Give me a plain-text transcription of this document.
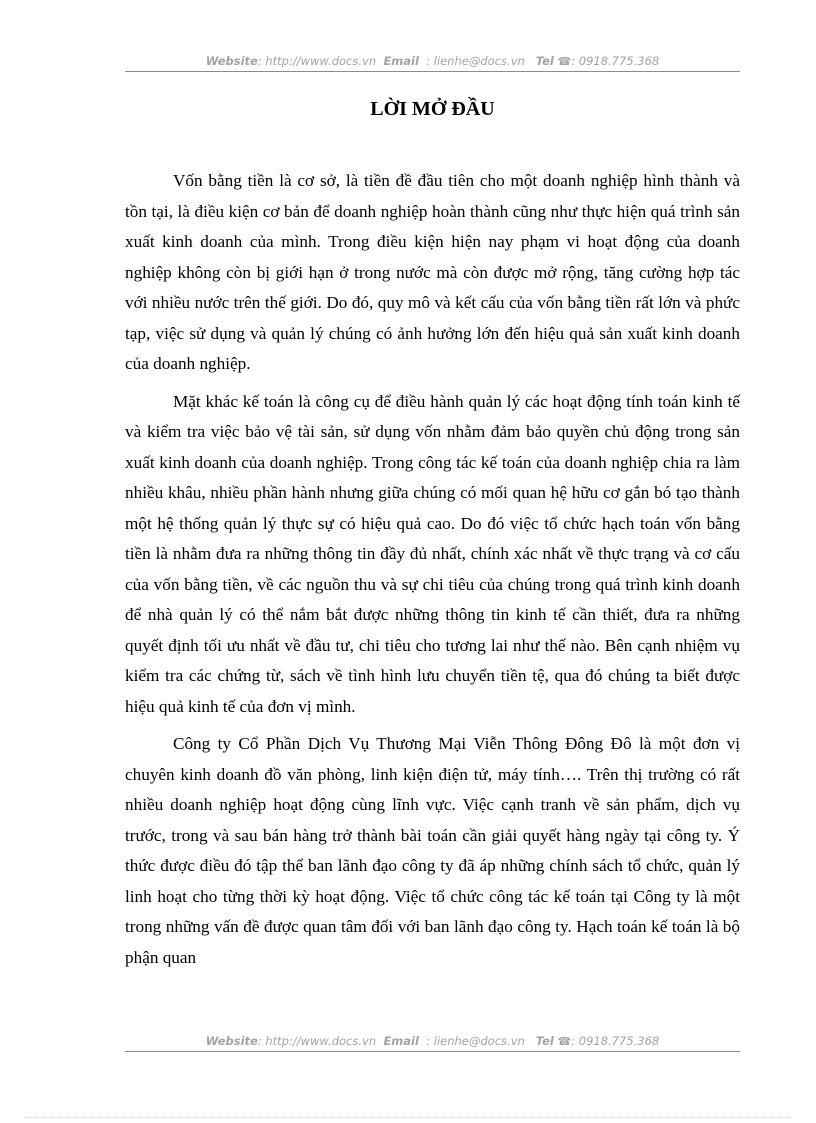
Website: http://www.docs.vn Email : lienhe@docs.vn Tel ☎: 0918.775.368
LỜI MỞ ĐẦU

Vốn bằng tiền là cơ sở, là tiền đề đầu tiên cho một doanh nghiệp hình thành và tồn tại, là điều kiện cơ bản để doanh nghiệp hoàn thành cũng như thực hiện quá trình sản xuất kinh doanh của mình. Trong điều kiện hiện nay phạm vi hoạt động của doanh nghiệp không còn bị giới hạn ở trong nước mà còn được mở rộng, tăng cường hợp tác với nhiều nước trên thế giới. Do đó, quy mô và kết cấu của vốn bằng tiền rất lớn và phức tạp, việc sử dụng và quản lý chúng có ảnh hưởng lớn đến hiệu quả sản xuất kinh doanh của doanh nghiệp.

Mặt khác kế toán là công cụ để điều hành quản lý các hoạt động tính toán kinh tế và kiểm tra việc bảo vệ tài sản, sử dụng vốn nhằm đảm bảo quyền chủ động trong sản xuất kinh doanh của doanh nghiệp. Trong công tác kế toán của doanh nghiệp chia ra làm nhiều khâu, nhiều phần hành nhưng giữa chúng có mối quan hệ hữu cơ gắn bó tạo thành một hệ thống quản lý thực sự có hiệu quả cao. Do đó việc tổ chức hạch toán vốn bằng tiền là nhằm đưa ra những thông tin đầy đủ nhất, chính xác nhất về thực trạng và cơ cấu của vốn bằng tiền, về các nguồn thu và sự chi tiêu của chúng trong quá trình kinh doanh để nhà quản lý có thể nắm bắt được những thông tin kinh tế cần thiết, đưa ra những quyết định tối ưu nhất về đầu tư, chi tiêu cho tương lai như thế nào. Bên cạnh nhiệm vụ kiểm tra các chứng từ, sách về tình hình lưu chuyển tiền tệ, qua đó chúng ta biết được hiệu quả kinh tế của đơn vị mình.

Công ty Cổ Phần Dịch Vụ Thương Mại Viễn Thông Đông Đô là một đơn vị chuyên kinh doanh đồ văn phòng, linh kiện điện tử, máy tính…. Trên thị trường có rất nhiều doanh nghiệp hoạt động cùng lĩnh vực. Việc cạnh tranh về sản phẩm, dịch vụ trước, trong và sau bán hàng trở thành bài toán cần giải quyết hàng ngày tại công ty. Ý thức được điều đó tập thể ban lãnh đạo công ty đã áp những chính sách tổ chức, quản lý linh hoạt cho từng thời kỳ hoạt động. Việc tổ chức công tác kế toán tại Công ty là một trong những vấn đề được quan tâm đối với ban lãnh đạo công ty. Hạch toán kế toán là bộ phận quan

Website: http://www.docs.vn Email : lienhe@docs.vn Tel ☎: 0918.775.368
